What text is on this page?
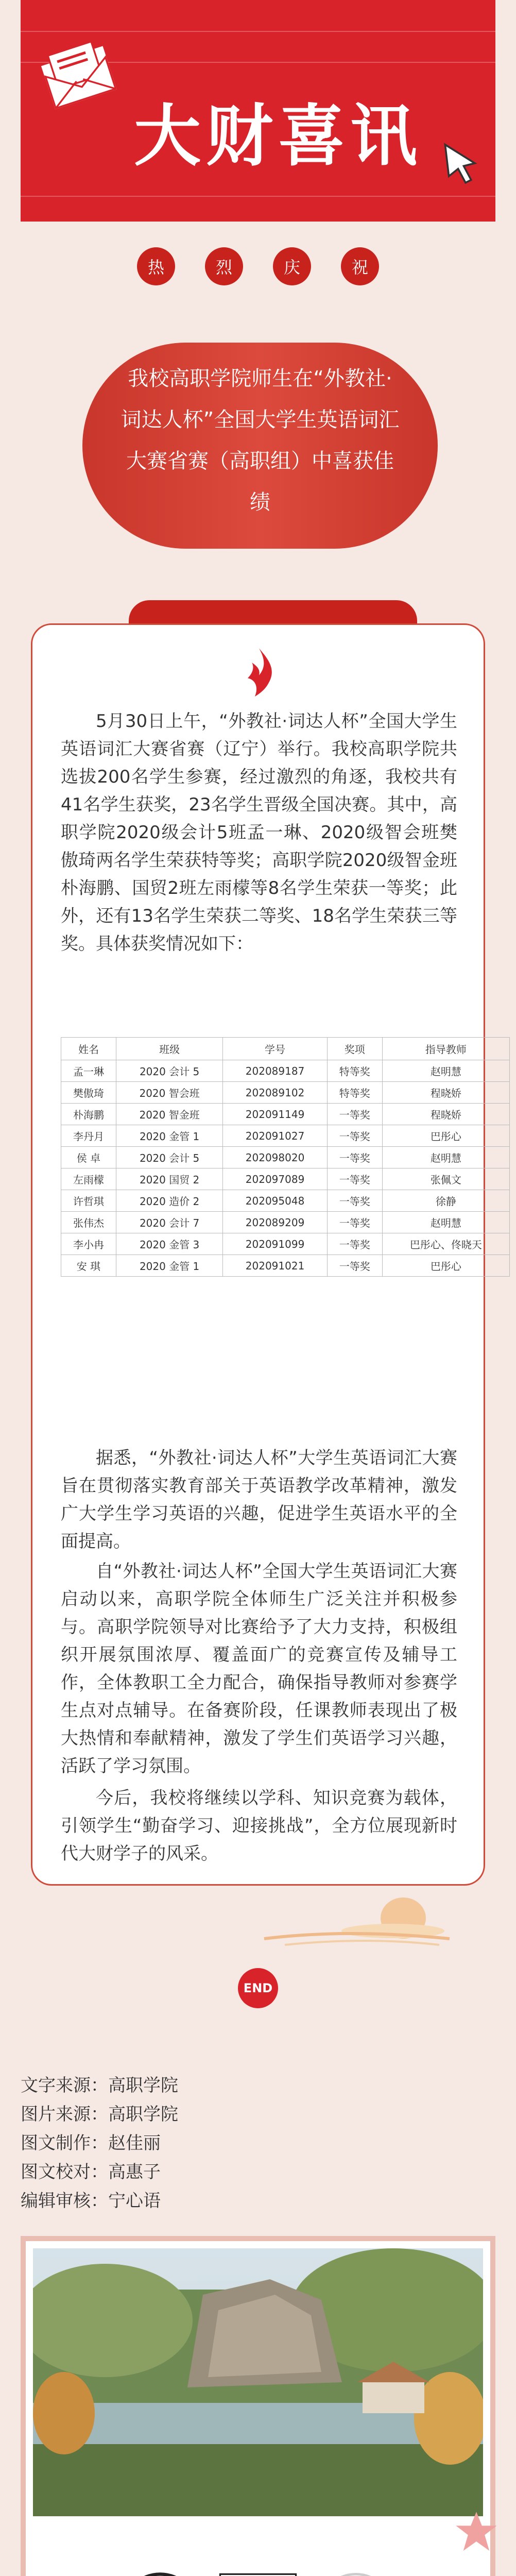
大财喜讯
热	烈	庆	祝
我校高职学院师生在“外教社·词达人杯”全国大学生英语词汇大赛省赛（高职组）中喜获佳绩
5月30日上午，“外教社·词达人杯”全国大学生英语词汇大赛省赛（辽宁）举行。我校高职学院共选拔200名学生参赛，经过激烈的角逐，我校共有41名学生获奖，23名学生晋级全国决赛。其中，高职学院2020级会计5班孟一琳、2020级智会班樊傲琦两名学生荣获特等奖；高职学院2020级智金班朴海鹏、国贸2班左雨檬等8名学生荣获一等奖；此外，还有13名学生荣获二等奖、18名学生荣获三等奖。具体获奖情况如下：
姓名	班级	学号	奖项	指导教师
孟一琳	2020 会计 5	202089187	特等奖	赵明慧
樊傲琦	2020 智会班	202089102	特等奖	程晓娇
朴海鹏	2020 智金班	202091149	一等奖	程晓娇
李丹月	2020 金管 1	202091027	一等奖	巴彤心
侯 卓	2020 会计 5	202098020	一等奖	赵明慧
左雨檬	2020 国贸 2	202097089	一等奖	张佩文
许哲琪	2020 造价 2	202095048	一等奖	徐静
张伟杰	2020 会计 7	202089209	一等奖	赵明慧
李小冉	2020 金管 3	202091099	一等奖	巴彤心、佟晓天
安 琪	2020 金管 1	202091021	一等奖	巴彤心
据悉，“外教社·词达人杯”大学生英语词汇大赛旨在贯彻落实教育部关于英语教学改革精神，激发广大学生学习英语的兴趣，促进学生英语水平的全面提高。
自“外教社·词达人杯”全国大学生英语词汇大赛启动以来，高职学院全体师生广泛关注并积极参与。高职学院领导对比赛给予了大力支持，积极组织开展氛围浓厚、覆盖面广的竞赛宣传及辅导工作，全体教职工全力配合，确保指导教师对参赛学生点对点辅导。在备赛阶段，任课教师表现出了极大热情和奉献精神，激发了学生们英语学习兴趣，活跃了学习氛围。
今后，我校将继续以学科、知识竞赛为载体，引领学生“勤奋学习、迎接挑战”，全方位展现新时代大财学子的风采。
END
文字来源：高职学院
图片来源：高职学院
图文制作：赵佳丽
图文校对：高惠子
编辑审核：宁心语
